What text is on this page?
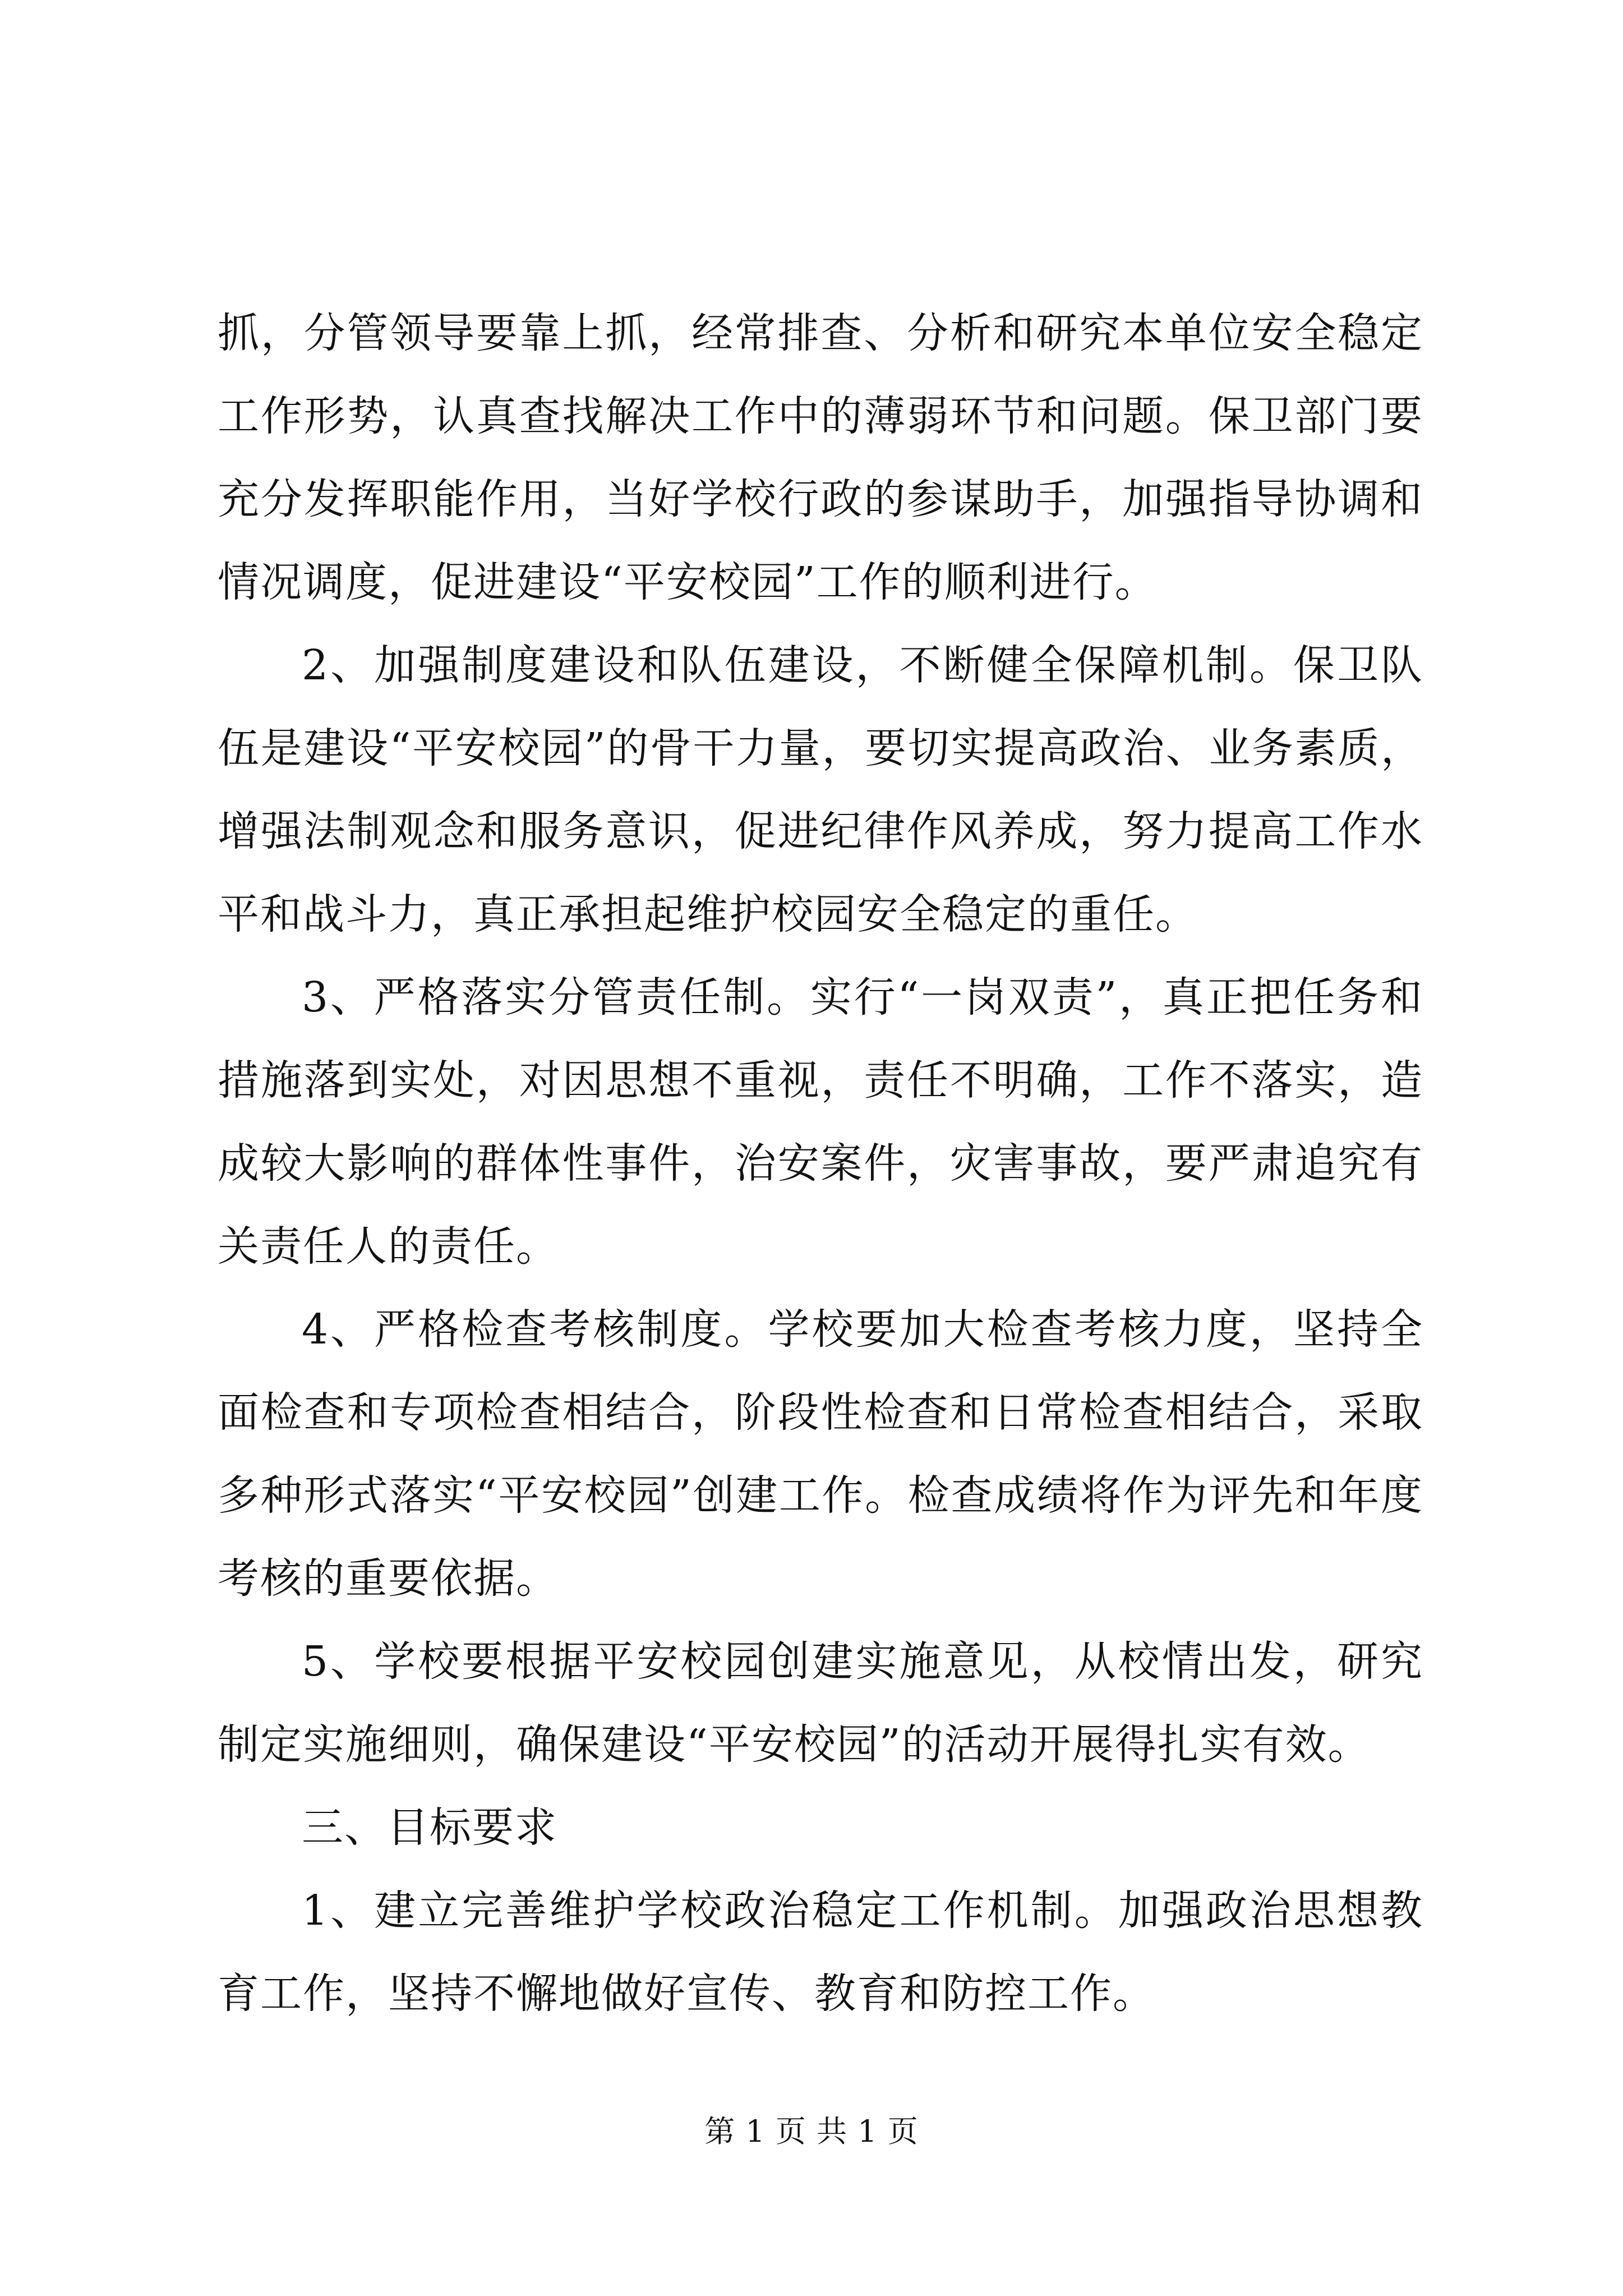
抓，分管领导要靠上抓，经常排查、分析和研究本单位安全稳定工作形势，认真查找解决工作中的薄弱环节和问题。保卫部门要充分发挥职能作用，当好学校行政的参谋助手，加强指导协调和情况调度，促进建设“平安校园”工作的顺利进行。

2、加强制度建设和队伍建设，不断健全保障机制。保卫队伍是建设“平安校园”的骨干力量，要切实提高政治、业务素质，增强法制观念和服务意识，促进纪律作风养成，努力提高工作水平和战斗力，真正承担起维护校园安全稳定的重任。

3、严格落实分管责任制。实行“一岗双责”，真正把任务和措施落到实处，对因思想不重视，责任不明确，工作不落实，造成较大影响的群体性事件，治安案件，灾害事故，要严肃追究有关责任人的责任。

4、严格检查考核制度。学校要加大检查考核力度，坚持全面检查和专项检查相结合，阶段性检查和日常检查相结合，采取多种形式落实“平安校园”创建工作。检查成绩将作为评先和年度考核的重要依据。

5、学校要根据平安校园创建实施意见，从校情出发，研究制定实施细则，确保建设“平安校园”的活动开展得扎实有效。

三、目标要求

1、建立完善维护学校政治稳定工作机制。加强政治思想教育工作，坚持不懈地做好宣传、教育和防控工作。

第 1 页 共 1 页
